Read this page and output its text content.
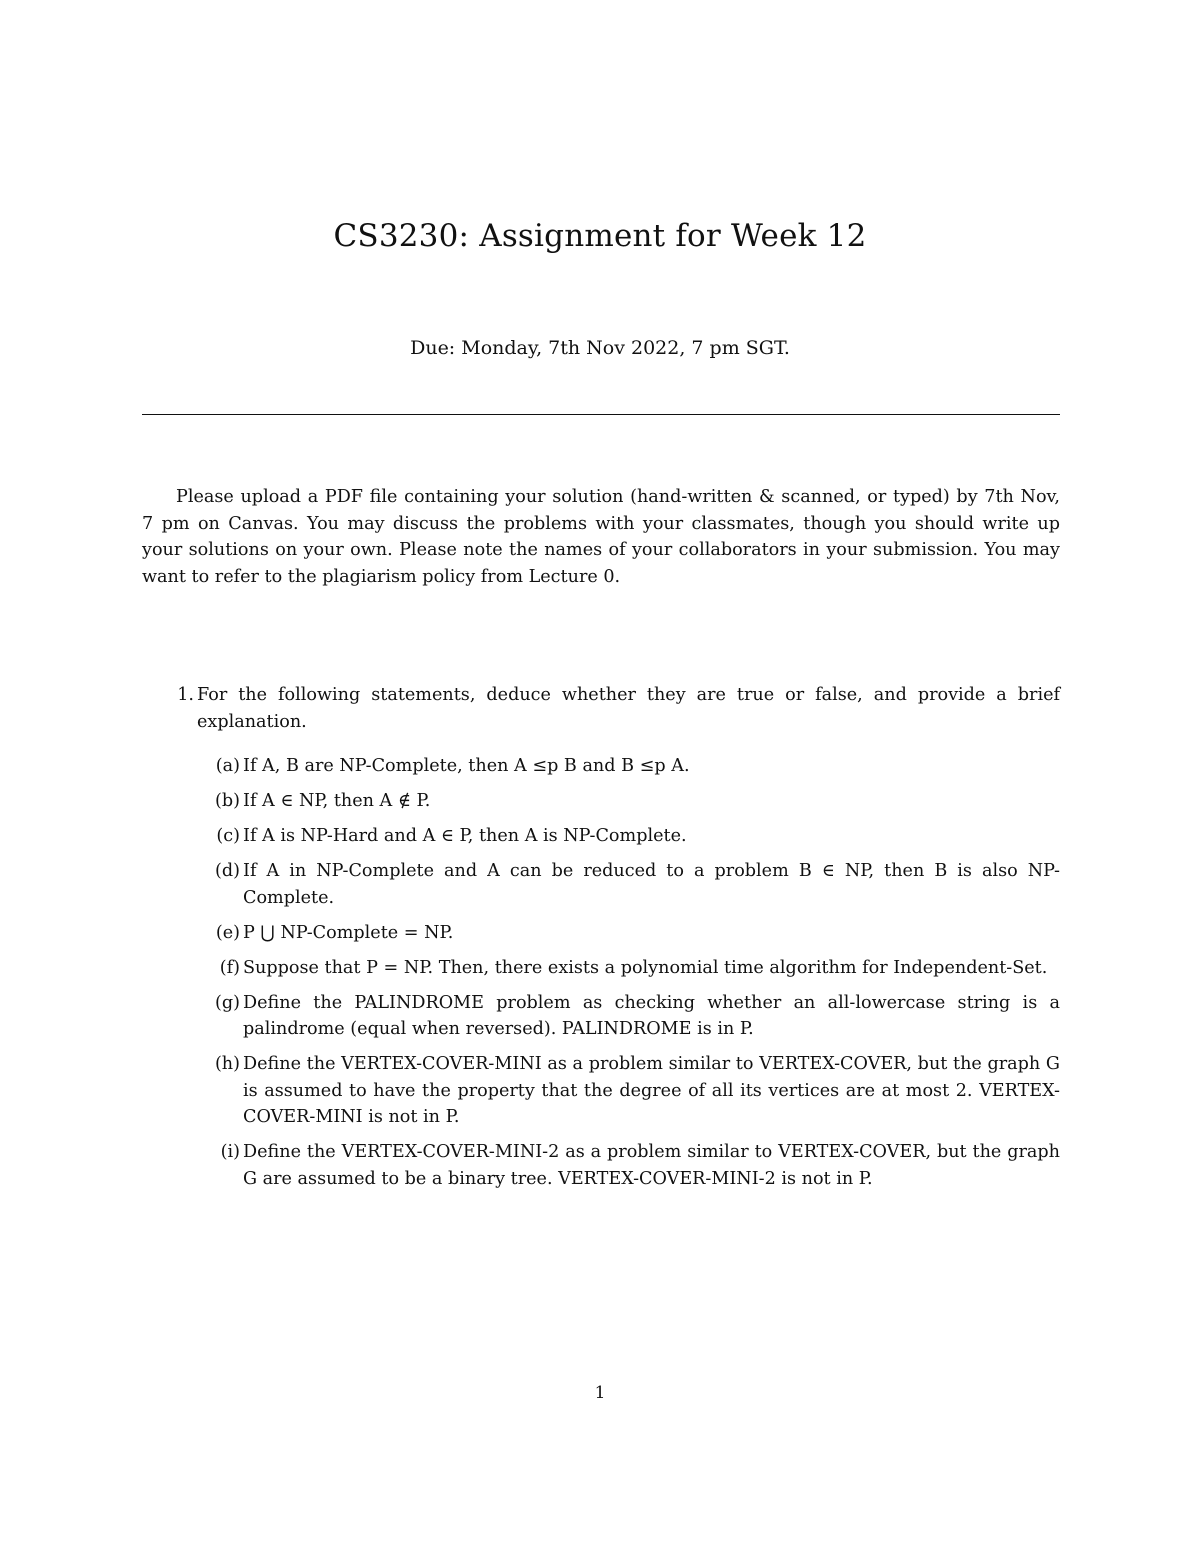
CS3230: Assignment for Week 12
Due: Monday, 7th Nov 2022, 7 pm SGT.

Please upload a PDF file containing your solution (hand-written & scanned, or typed) by 7th Nov, 7 pm on Canvas. You may discuss the problems with your classmates, though you should write up your solutions on your own. Please note the names of your collaborators in your submission. You may want to refer to the plagiarism policy from Lecture 0.

1. For the following statements, deduce whether they are true or false, and provide a brief explanation.
(a) If A, B are NP-Complete, then A ≤p B and B ≤p A.
(b) If A ∈ NP, then A ∉ P.
(c) If A is NP-Hard and A ∈ P, then A is NP-Complete.
(d) If A in NP-Complete and A can be reduced to a problem B ∈ NP, then B is also NP-Complete.
(e) P ⋃ NP-Complete = NP.
(f) Suppose that P = NP. Then, there exists a polynomial time algorithm for Independent-Set.
(g) Define the PALINDROME problem as checking whether an all-lowercase string is a palindrome (equal when reversed). PALINDROME is in P.
(h) Define the VERTEX-COVER-MINI as a problem similar to VERTEX-COVER, but the graph G is assumed to have the property that the degree of all its vertices are at most 2. VERTEX-COVER-MINI is not in P.
(i) Define the VERTEX-COVER-MINI-2 as a problem similar to VERTEX-COVER, but the graph G are assumed to be a binary tree. VERTEX-COVER-MINI-2 is not in P.
1
